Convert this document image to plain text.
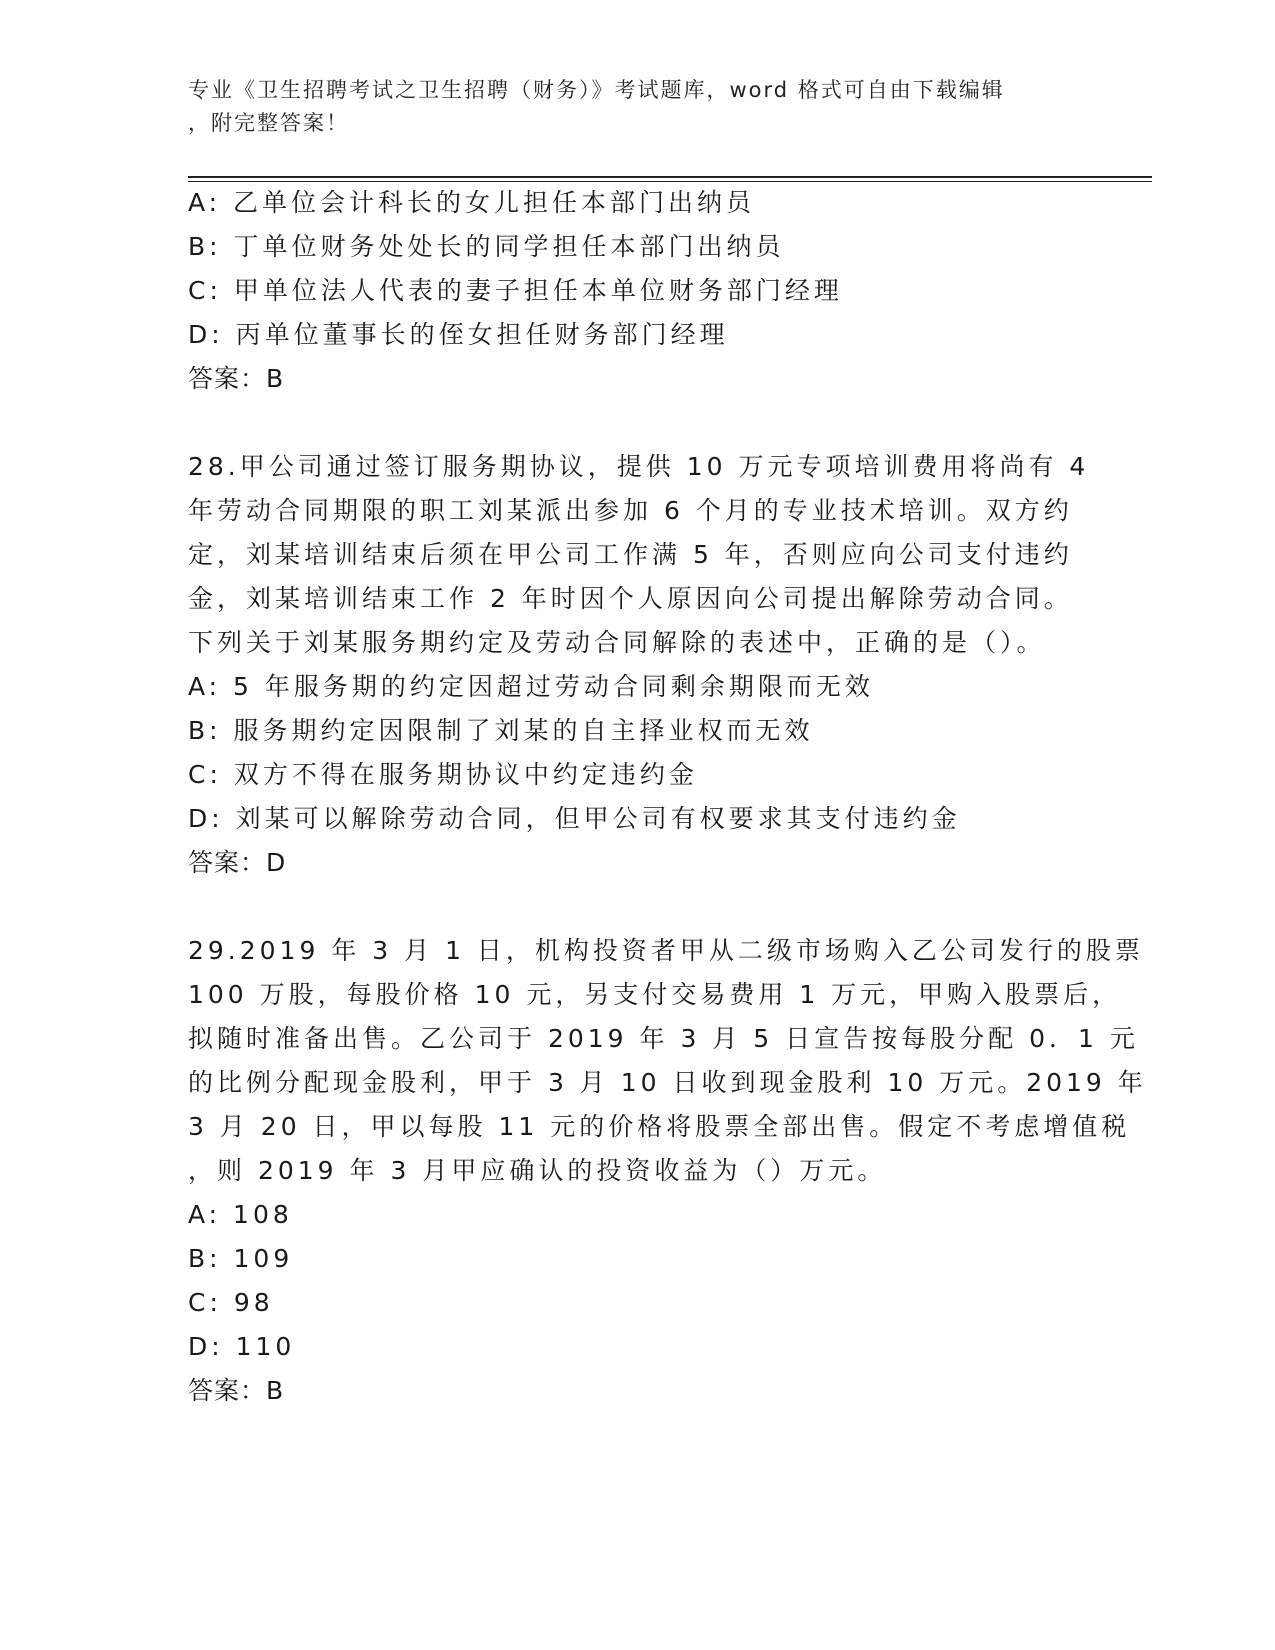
专业《卫生招聘考试之卫生招聘（财务）》考试题库，word 格式可自由下载编辑
，附完整答案！
A: 乙单位会计科长的女儿担任本部门出纳员
B: 丁单位财务处处长的同学担任本部门出纳员
C: 甲单位法人代表的妻子担任本单位财务部门经理
D: 丙单位董事长的侄女担任财务部门经理
答案：B
28.甲公司通过签订服务期协议，提供 10 万元专项培训费用将尚有 4
年劳动合同期限的职工刘某派出参加 6 个月的专业技术培训。双方约
定，刘某培训结束后须在甲公司工作满 5 年，否则应向公司支付违约
金，刘某培训结束工作 2 年时因个人原因向公司提出解除劳动合同。
下列关于刘某服务期约定及劳动合同解除的表述中，正确的是（）。
A: 5 年服务期的约定因超过劳动合同剩余期限而无效
B: 服务期约定因限制了刘某的自主择业权而无效
C: 双方不得在服务期协议中约定违约金
D: 刘某可以解除劳动合同，但甲公司有权要求其支付违约金
答案：D
29.2019 年 3 月 1 日，机构投资者甲从二级市场购入乙公司发行的股票
100 万股，每股价格 10 元，另支付交易费用 1 万元，甲购入股票后，
拟随时准备出售。乙公司于 2019 年 3 月 5 日宣告按每股分配 0．1 元
的比例分配现金股利，甲于 3 月 10 日收到现金股利 10 万元。2019 年
3 月 20 日，甲以每股 11 元的价格将股票全部出售。假定不考虑增值税
，则 2019 年 3 月甲应确认的投资收益为（）万元。
A: 108
B: 109
C: 98
D: 110
答案：B
